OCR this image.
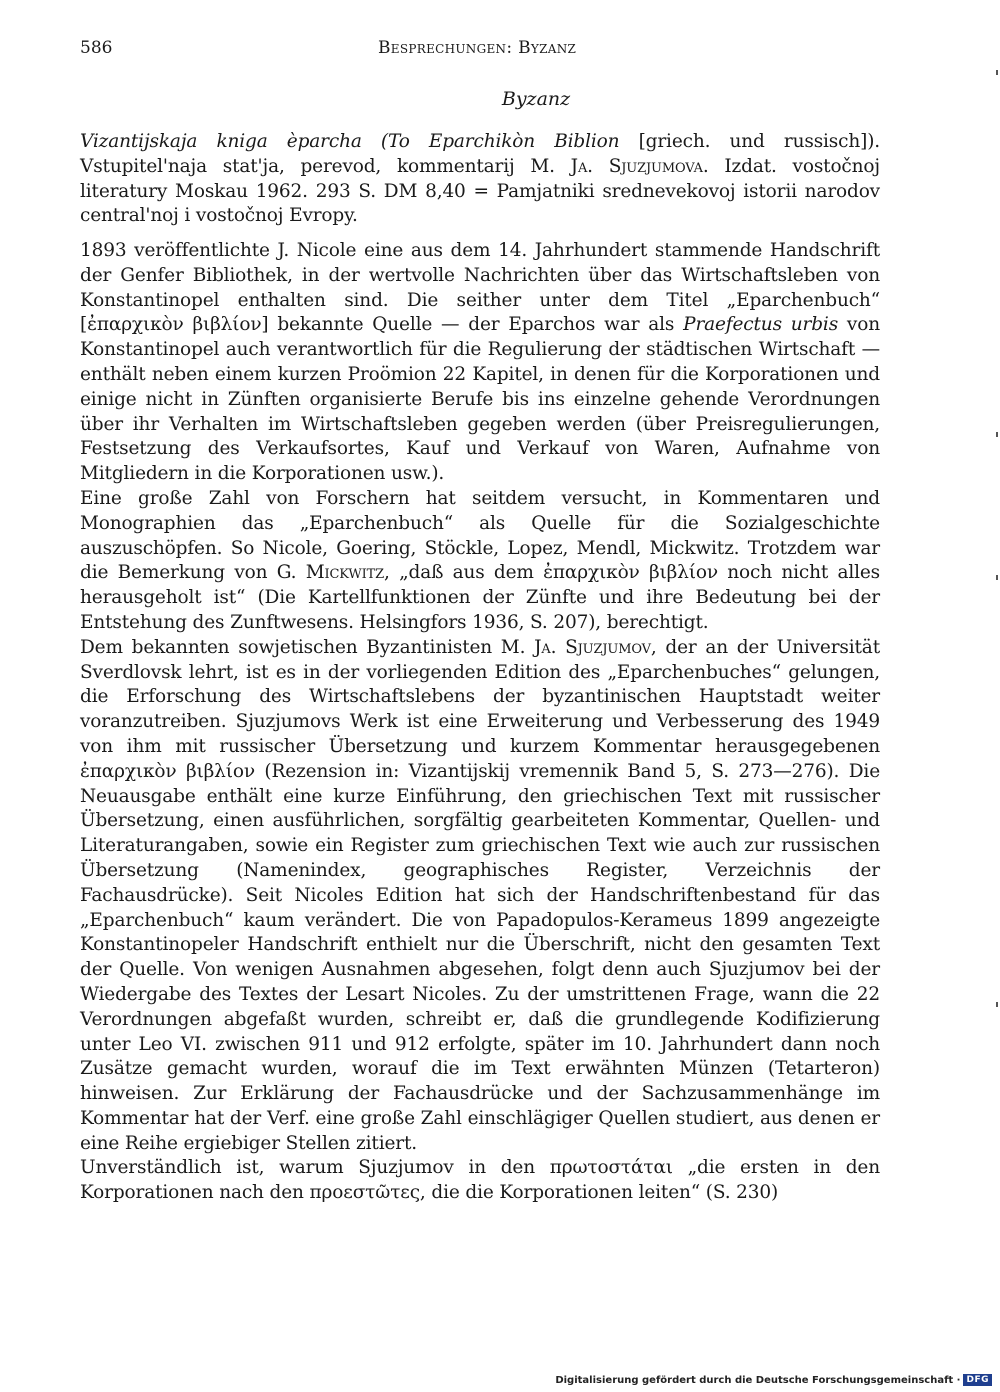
586	Besprechungen: Byzanz
Byzanz

Vizantijskaja kniga èparcha (To Eparchikòn Biblion [griech. und russisch]). Vstupitel'naja stat'ja, perevod, kommentarij M. Ja. Sjuzjumova. Izdat. vostočnoj literatury Moskau 1962. 293 S. DM 8,40 = Pamjatniki srednevekovoj istorii narodov central'noj i vostočnoj Evropy.

1893 veröffentlichte J. Nicole eine aus dem 14. Jahrhundert stammende Handschrift der Genfer Bibliothek, in der wertvolle Nachrichten über das Wirtschaftsleben von Konstantinopel enthalten sind. Die seither unter dem Titel „Eparchenbuch“ [ἐπαρχικὸν βιβλίον] bekannte Quelle — der Eparchos war als Praefectus urbis von Konstantinopel auch verantwortlich für die Regulierung der städtischen Wirtschaft — enthält neben einem kurzen Proömion 22 Kapitel, in denen für die Korporationen und einige nicht in Zünften organisierte Berufe bis ins einzelne gehende Verordnungen über ihr Verhalten im Wirtschaftsleben gegeben werden (über Preisregulierungen, Festsetzung des Verkaufsortes, Kauf und Verkauf von Waren, Aufnahme von Mitgliedern in die Korporationen usw.).

Eine große Zahl von Forschern hat seitdem versucht, in Kommentaren und Monographien das „Eparchenbuch“ als Quelle für die Sozialgeschichte auszuschöpfen. So Nicole, Goering, Stöckle, Lopez, Mendl, Mickwitz. Trotzdem war die Bemerkung von G. Mickwitz, „daß aus dem ἐπαρχικὸν βιβλίον noch nicht alles herausgeholt ist“ (Die Kartellfunktionen der Zünfte und ihre Bedeutung bei der Entstehung des Zunftwesens. Helsingfors 1936, S. 207), berechtigt.

Dem bekannten sowjetischen Byzantinisten M. Ja. Sjuzjumov, der an der Universität Sverdlovsk lehrt, ist es in der vorliegenden Edition des „Eparchenbuches“ gelungen, die Erforschung des Wirtschaftslebens der byzantinischen Hauptstadt weiter voranzutreiben. Sjuzjumovs Werk ist eine Erweiterung und Verbesserung des 1949 von ihm mit russischer Übersetzung und kurzem Kommentar herausgegebenen ἐπαρχικὸν βιβλίον (Rezension in: Vizantijskij vremennik Band 5, S. 273—276). Die Neuausgabe enthält eine kurze Einführung, den griechischen Text mit russischer Übersetzung, einen ausführlichen, sorgfältig gearbeiteten Kommentar, Quellen- und Literaturangaben, sowie ein Register zum griechischen Text wie auch zur russischen Übersetzung (Namenindex, geographisches Register, Verzeichnis der Fachausdrücke). Seit Nicoles Edition hat sich der Handschriftenbestand für das „Eparchenbuch“ kaum verändert. Die von Papadopulos-Kerameus 1899 angezeigte Konstantinopeler Handschrift enthielt nur die Überschrift, nicht den gesamten Text der Quelle. Von wenigen Ausnahmen abgesehen, folgt denn auch Sjuzjumov bei der Wiedergabe des Textes der Lesart Nicoles. Zu der umstrittenen Frage, wann die 22 Verordnungen abgefaßt wurden, schreibt er, daß die grundlegende Kodifizierung unter Leo VI. zwischen 911 und 912 erfolgte, später im 10. Jahrhundert dann noch Zusätze gemacht wurden, worauf die im Text erwähnten Münzen (Tetarteron) hinweisen. Zur Erklärung der Fachausdrücke und der Sachzusammenhänge im Kommentar hat der Verf. eine große Zahl einschlägiger Quellen studiert, aus denen er eine Reihe ergiebiger Stellen zitiert.

Unverständlich ist, warum Sjuzjumov in den πρωτοστάται „die ersten in den Korporationen nach den προεστῶτες, die die Korporationen leiten“ (S. 230)

Digitalisierung gefördert durch die Deutsche Forschungsgemeinschaft · DFG
